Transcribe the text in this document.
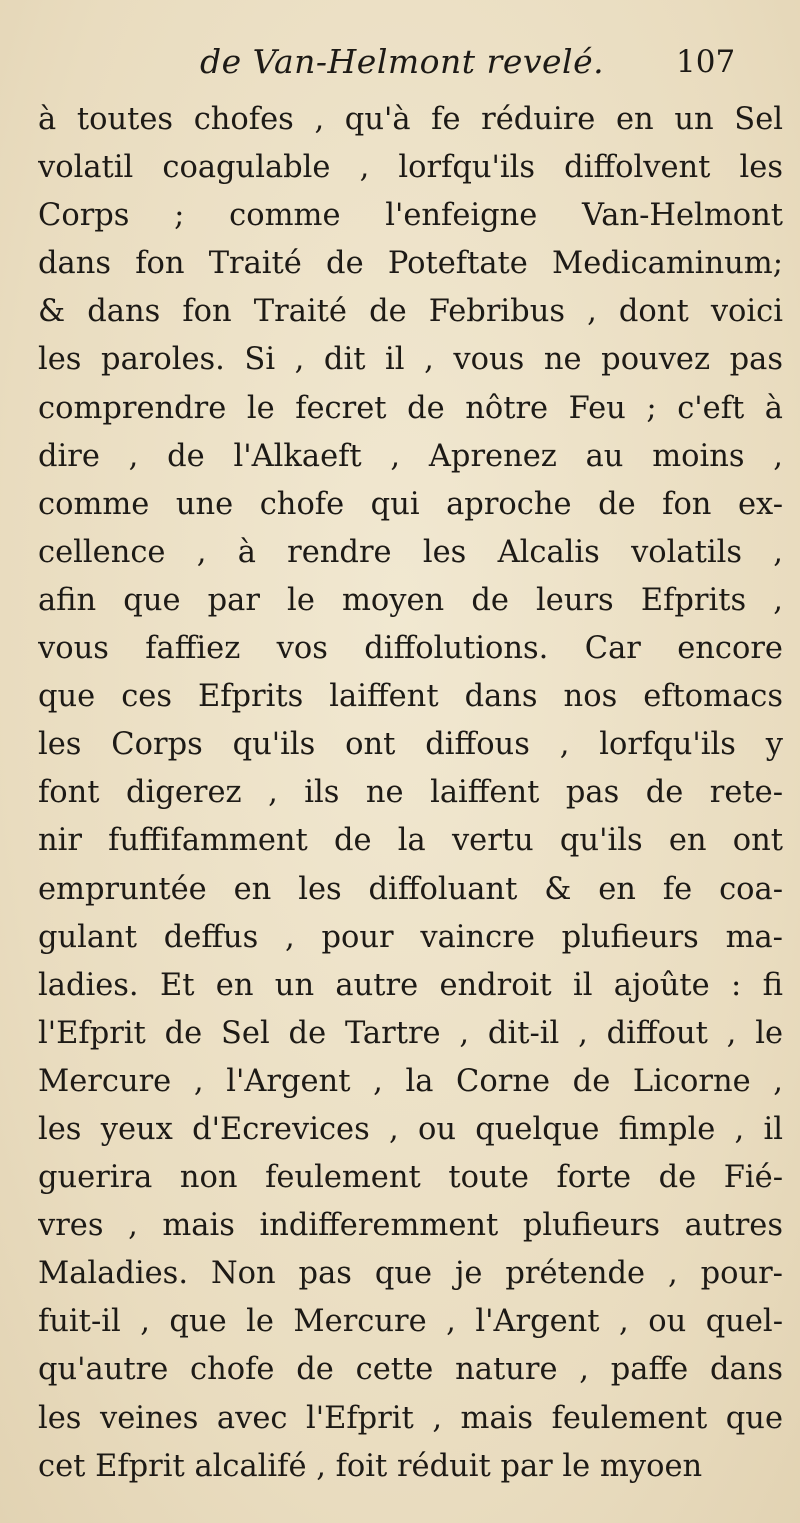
de Van-Helmont revelé. 107
à toutes chofes , qu'à fe réduire en un Sel
volatil coagulable , lorfqu'ils diffolvent les
Corps ; comme l'enfeigne Van-Helmont
dans fon Traité de Poteftate Medicaminum;
& dans fon Traité de Febribus , dont voici
les paroles. Si , dit il , vous ne pouvez pas
comprendre le fecret de nôtre Feu ; c'eft à
dire , de l'Alkaeft , Aprenez au moins ,
comme une chofe qui aproche de fon ex-
cellence , à rendre les Alcalis volatils ,
afin que par le moyen de leurs Efprits ,
vous faffiez vos diffolutions. Car encore
que ces Efprits laiffent dans nos eftomacs
les Corps qu'ils ont diffous , lorfqu'ils y
font digerez , ils ne laiffent pas de rete-
nir fuffifamment de la vertu qu'ils en ont
empruntée en les diffoluant & en fe coa-
gulant deffus , pour vaincre plufieurs ma-
ladies. Et en un autre endroit il ajoûte : fi
l'Efprit de Sel de Tartre , dit-il , diffout , le
Mercure , l'Argent , la Corne de Licorne ,
les yeux d'Ecrevices , ou quelque fimple , il
guerira non feulement toute forte de Fié-
vres , mais indifferemment plufieurs autres
Maladies. Non pas que je prétende , pour-
fuit-il , que le Mercure , l'Argent , ou quel-
qu'autre chofe de cette nature , paffe dans
les veines avec l'Efprit , mais feulement que
cet Efprit alcalifé , foit réduit par le myoen
